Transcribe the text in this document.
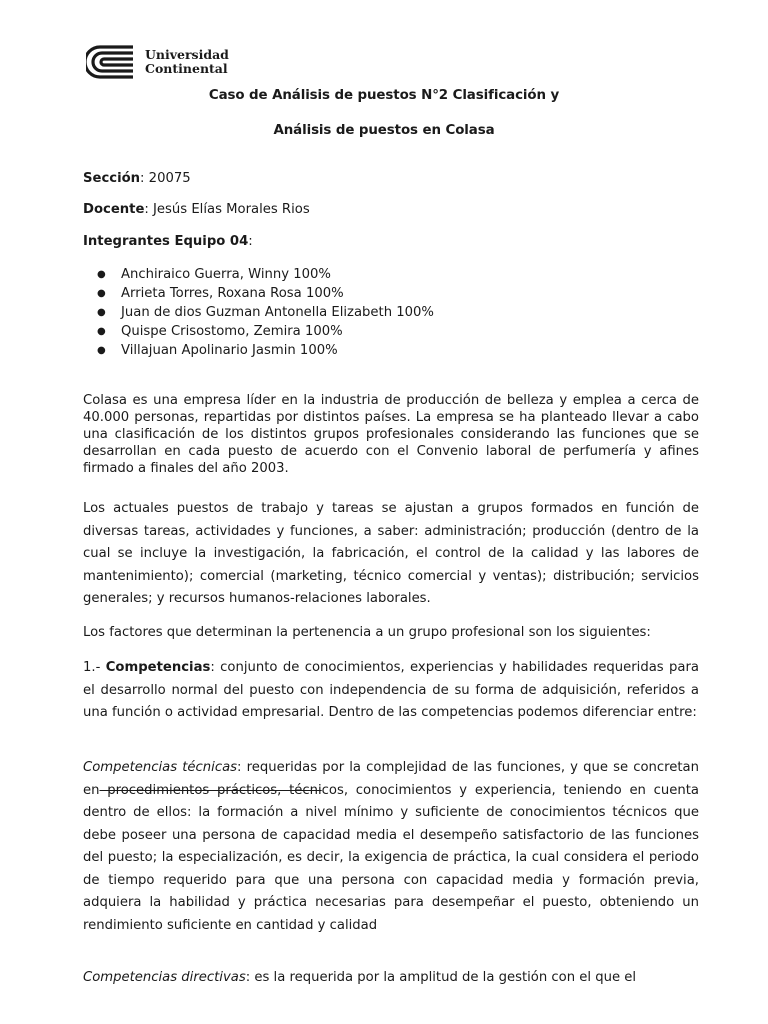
Universidad
Continental
Caso de Análisis de puestos N°2 Clasificación y
Análisis de puestos en Colasa
Sección: 20075
Docente: Jesús Elías Morales Rios
Integrantes Equipo 04:
● Anchiraico Guerra, Winny 100%
● Arrieta Torres, Roxana Rosa 100%
● Juan de dios Guzman Antonella Elizabeth 100%
● Quispe Crisostomo, Zemira 100%
● Villajuan Apolinario Jasmin 100%

Colasa es una empresa líder en la industria de producción de belleza y emplea a cerca de 40.000 personas, repartidas por distintos países. La empresa se ha planteado llevar a cabo una clasificación de los distintos grupos profesionales considerando las funciones que se desarrollan en cada puesto de acuerdo con el Convenio laboral de perfumería y afines firmado a finales del año 2003.

Los actuales puestos de trabajo y tareas se ajustan a grupos formados en función de diversas tareas, actividades y funciones, a saber: administración; producción (dentro de la cual se incluye la investigación, la fabricación, el control de la calidad y las labores de mantenimiento); comercial (marketing, técnico comercial y ventas); distribución; servicios generales; y recursos humanos-relaciones laborales.

Los factores que determinan la pertenencia a un grupo profesional son los siguientes:

1.- Competencias: conjunto de conocimientos, experiencias y habilidades requeridas para el desarrollo normal del puesto con independencia de su forma de adquisición, referidos a una función o actividad empresarial. Dentro de las competencias podemos diferenciar entre:

Competencias técnicas: requeridas por la complejidad de las funciones, y que se concretan en procedimientos prácticos, técnicos, conocimientos y experiencia, teniendo en cuenta dentro de ellos: la formación a nivel mínimo y suficiente de conocimientos técnicos que debe poseer una persona de capacidad media el desempeño satisfactorio de las funciones del puesto; la especialización, es decir, la exigencia de práctica, la cual considera el periodo de tiempo requerido para que una persona con capacidad media y formación previa, adquiera la habilidad y práctica necesarias para desempeñar el puesto, obteniendo un rendimiento suficiente en cantidad y calidad

Competencias directivas: es la requerida por la amplitud de la gestión con el que el
